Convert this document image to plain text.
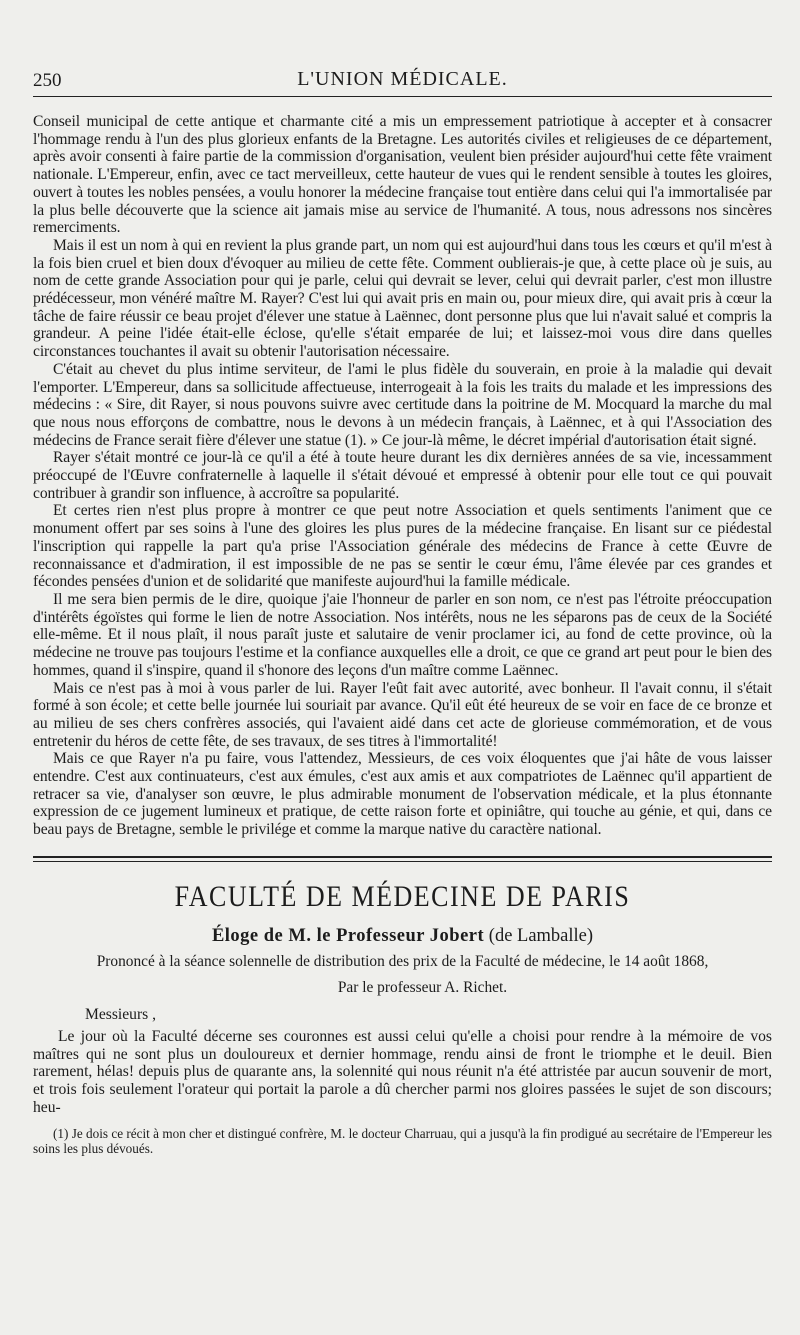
250	L'UNION MÉDICALE.

Conseil municipal de cette antique et charmante cité a mis un empressement patriotique à accepter et à consacrer l'hommage rendu à l'un des plus glorieux enfants de la Bretagne. Les autorités civiles et religieuses de ce département, après avoir consenti à faire partie de la commission d'organisation, veulent bien présider aujourd'hui cette fête vraiment nationale. L'Empereur, enfin, avec ce tact merveilleux, cette hauteur de vues qui le rendent sensible à toutes les gloires, ouvert à toutes les nobles pensées, a voulu honorer la médecine française tout entière dans celui qui l'a immortalisée par la plus belle découverte que la science ait jamais mise au service de l'humanité. A tous, nous adressons nos sincères remerciments.

Mais il est un nom à qui en revient la plus grande part, un nom qui est aujourd'hui dans tous les cœurs et qu'il m'est à la fois bien cruel et bien doux d'évoquer au milieu de cette fête. Comment oublierais-je que, à cette place où je suis, au nom de cette grande Association pour qui je parle, celui qui devrait se lever, celui qui devrait parler, c'est mon illustre prédécesseur, mon vénéré maître M. Rayer? C'est lui qui avait pris en main ou, pour mieux dire, qui avait pris à cœur la tâche de faire réussir ce beau projet d'élever une statue à Laënnec, dont personne plus que lui n'avait salué et compris la grandeur. A peine l'idée était-elle éclose, qu'elle s'était emparée de lui; et laissez-moi vous dire dans quelles circonstances touchantes il avait su obtenir l'autorisation nécessaire.

C'était au chevet du plus intime serviteur, de l'ami le plus fidèle du souverain, en proie à la maladie qui devait l'emporter. L'Empereur, dans sa sollicitude affectueuse, interrogeait à la fois les traits du malade et les impressions des médecins : « Sire, dit Rayer, si nous pouvons suivre avec certitude dans la poitrine de M. Mocquard la marche du mal que nous nous efforçons de combattre, nous le devons à un médecin français, à Laënnec, et à qui l'Association des médecins de France serait fière d'élever une statue (1). » Ce jour-là même, le décret impérial d'autorisation était signé.

Rayer s'était montré ce jour-là ce qu'il a été à toute heure durant les dix dernières années de sa vie, incessamment préoccupé de l'Œuvre confraternelle à laquelle il s'était dévoué et empressé à obtenir pour elle tout ce qui pouvait contribuer à grandir son influence, à accroître sa popularité.

Et certes rien n'est plus propre à montrer ce que peut notre Association et quels sentiments l'animent que ce monument offert par ses soins à l'une des gloires les plus pures de la médecine française. En lisant sur ce piédestal l'inscription qui rappelle la part qu'a prise l'Association générale des médecins de France à cette Œuvre de reconnaissance et d'admiration, il est impossible de ne pas se sentir le cœur ému, l'âme élevée par ces grandes et fécondes pensées d'union et de solidarité que manifeste aujourd'hui la famille médicale.

Il me sera bien permis de le dire, quoique j'aie l'honneur de parler en son nom, ce n'est pas l'étroite préoccupation d'intérêts égoïstes qui forme le lien de notre Association. Nos intérêts, nous ne les séparons pas de ceux de la Société elle-même. Et il nous plaît, il nous paraît juste et salutaire de venir proclamer ici, au fond de cette province, où la médecine ne trouve pas toujours l'estime et la confiance auxquelles elle a droit, ce que ce grand art peut pour le bien des hommes, quand il s'inspire, quand il s'honore des leçons d'un maître comme Laënnec.

Mais ce n'est pas à moi à vous parler de lui. Rayer l'eût fait avec autorité, avec bonheur. Il l'avait connu, il s'était formé à son école; et cette belle journée lui souriait par avance. Qu'il eût été heureux de se voir en face de ce bronze et au milieu de ses chers confrères associés, qui l'avaient aidé dans cet acte de glorieuse commémoration, et de vous entretenir du héros de cette fête, de ses travaux, de ses titres à l'immortalité!

Mais ce que Rayer n'a pu faire, vous l'attendez, Messieurs, de ces voix éloquentes que j'ai hâte de vous laisser entendre. C'est aux continuateurs, c'est aux émules, c'est aux amis et aux compatriotes de Laënnec qu'il appartient de retracer sa vie, d'analyser son œuvre, le plus admirable monument de l'observation médicale, et la plus étonnante expression de ce jugement lumineux et pratique, de cette raison forte et opiniâtre, qui touche au génie, et qui, dans ce beau pays de Bretagne, semble le privilége et comme la marque native du caractère national.

FACULTÉ DE MÉDECINE DE PARIS
Éloge de M. le Professeur Jobert (de Lamballe)
Prononcé à la séance solennelle de distribution des prix de la Faculté de médecine, le 14 août 1868,
Par le professeur A. Richet.
Messieurs ,

Le jour où la Faculté décerne ses couronnes est aussi celui qu'elle a choisi pour rendre à la mémoire de vos maîtres qui ne sont plus un douloureux et dernier hommage, rendu ainsi de front le triomphe et le deuil. Bien rarement, hélas! depuis plus de quarante ans, la solennité qui nous réunit n'a été attristée par aucun souvenir de mort, et trois fois seulement l'orateur qui portait la parole a dû chercher parmi nos gloires passées le sujet de son discours; heu-

(1) Je dois ce récit à mon cher et distingué confrère, M. le docteur Charruau, qui a jusqu'à la fin prodigué au secrétaire de l'Empereur les soins les plus dévoués.
